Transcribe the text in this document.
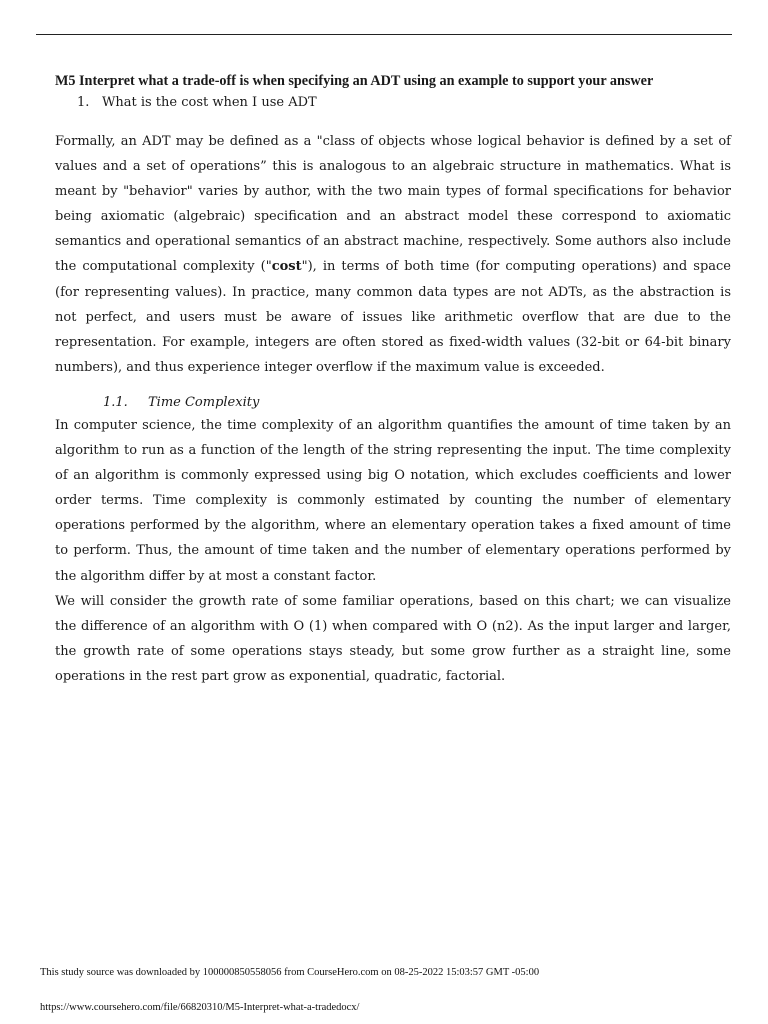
M5 Interpret what a trade-off is when specifying an ADT using an example to support your answer
1. What is the cost when I use ADT

Formally, an ADT may be defined as a "class of objects whose logical behavior is defined by a set of values and a set of operations” this is analogous to an algebraic structure in mathematics. What is meant by "behavior" varies by author, with the two main types of formal specifications for behavior being axiomatic (algebraic) specification and an abstract model these correspond to axiomatic semantics and operational semantics of an abstract machine, respectively. Some authors also include the computational complexity ("cost"), in terms of both time (for computing operations) and space (for representing values). In practice, many common data types are not ADTs, as the abstraction is not perfect, and users must be aware of issues like arithmetic overflow that are due to the representation. For example, integers are often stored as fixed-width values (32-bit or 64-bit binary numbers), and thus experience integer overflow if the maximum value is exceeded.

1.1.	Time Complexity

In computer science, the time complexity of an algorithm quantifies the amount of time taken by an algorithm to run as a function of the length of the string representing the input. The time complexity of an algorithm is commonly expressed using big O notation, which excludes coefficients and lower order terms. Time complexity is commonly estimated by counting the number of elementary operations performed by the algorithm, where an elementary operation takes a fixed amount of time to perform. Thus, the amount of time taken and the number of elementary operations performed by the algorithm differ by at most a constant factor.

We will consider the growth rate of some familiar operations, based on this chart; we can visualize the difference of an algorithm with O (1) when compared with O (n2). As the input larger and larger, the growth rate of some operations stays steady, but some grow further as a straight line, some operations in the rest part grow as exponential, quadratic, factorial.

This study source was downloaded by 100000850558056 from CourseHero.com on 08-25-2022 15:03:57 GMT -05:00
https://www.coursehero.com/file/66820310/M5-Interpret-what-a-tradedocx/
